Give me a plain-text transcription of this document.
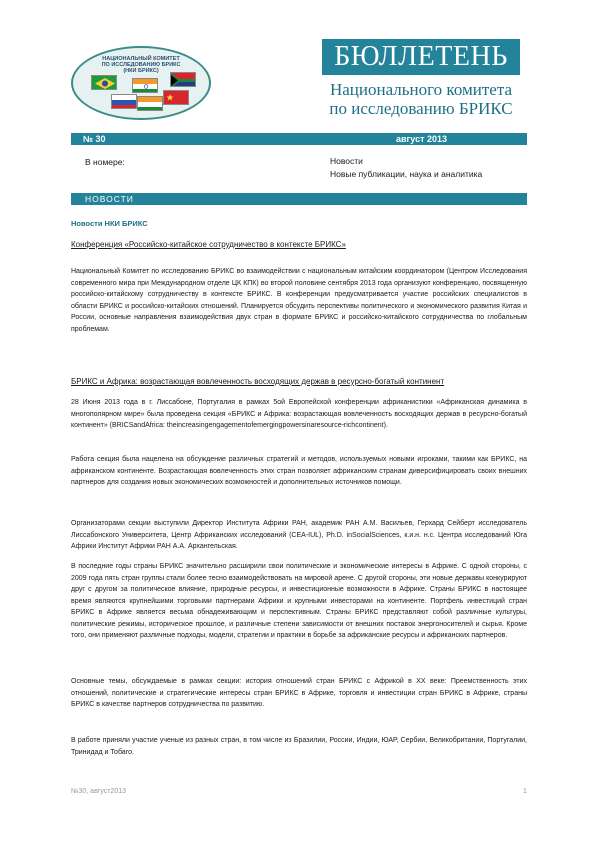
НАЦИОНАЛЬНЫЙ КОМИТЕТ
ПО ИССЛЕДОВАНИЮ БРИКС
(НКИ БРИКС)	БЮЛЛЕТЕНЬ
Национального комитета
по исследованию БРИКС
№ 30	август 2013
В номере:	Новости
Новые публикации, наука и аналитика
НОВОСТИ
Новости НКИ БРИКС
Конференция «Российско-китайское сотрудничество в контексте БРИКС»
Национальный Комитет по исследованию БРИКС во взаимодействии с национальным китайским координатором (Центром Исследования современного мира при Международном отделе ЦК КПК) во второй половине сентября 2013 года организуют конференцию, посвященную российско-китайскому сотрудничеству в контексте БРИКС. В конференции предусматривается участие российских специалистов в области БРИКС и российско-китайских отношений. Планируется обсудить перспективы политического и экономического развития Китая и России, основные направления взаимодействия двух стран в формате БРИКС и российско-китайского сотрудничества по глобальным проблемам.
БРИКС и Африка: возрастающая вовлеченность восходящих держав в ресурсно-богатый континент
28 Июня 2013 года в г. Лиссабоне, Португалия в рамках 5ой Европейской конференции африканистики «Африканская динамика в многополярном мире» была проведена секция «БРИКС и Африка: возрастающая вовлеченность восходящих держав в ресурсно-богатый континент» (BRICSandAfrica: theincreasingengagementofemergingpowersinaresource-richcontinent).
Работа секция была нацелена на обсуждение различных стратегий и методов, используемых новыми игроками, такими как БРИКС, на африканском континенте. Возрастающая вовлеченность этих стран позволяет африканским странам диверсифицировать своих внешних партнеров для создания новых экономических возможностей и дополнительных источников помощи.
Организаторами секции выступили Директор Института Африки РАН, академик РАН А.М. Васильев, Герхард Сейберт исследователь Лиссабонского Университета, Центр Африканских исследований (CEA-IUL), Ph.D. inSocialSciences, к.и.н. н.с. Центра исследований Юга Африки Институт Африки РАН А.А. Архангельская.
В последние годы страны БРИКС значительно расширили свои политические и экономические интересы в Африке. С одной стороны, с 2009 года пять стран группы стали более тесно взаимодействовать на мировой арене. С другой стороны, эти новые державы конкурируют друг с другом за политическое влияние, природные ресурсы, и инвестиционные возможности в Африке. Страны БРИКС в настоящее время являются крупнейшими торговыми партнерами Африки и крупными инвесторами на континенте. Портфель инвестиций стран БРИКС в Африке является весьма обнадеживающим и перспективным. Страны БРИКС представляют собой различные культуры, политические режимы, историческое прошлое, и различные степени зависимости от внешних поставок энергоносителей и сырья. Кроме того, они применяют различные подходы, модели, стратегии и практики в борьбе за африканские ресурсы и африканских партнеров.
Основные темы, обсуждаемые в рамках секции: история отношений стран БРИКС с Африкой в XX веке: Преемственность этих отношений, политические и стратегические интересы стран БРИКС в Африке, торговля и инвестиции стран БРИКС в Африке, страны БРИКС в качестве партнеров сотрудничества по развитию.
В работе приняли участие ученые из разных стран, в том числе из Бразилии, России, Индии, ЮАР, Сербии, Великобритании, Португалии, Тринидад и Тобаго.
№30, август2013	1
